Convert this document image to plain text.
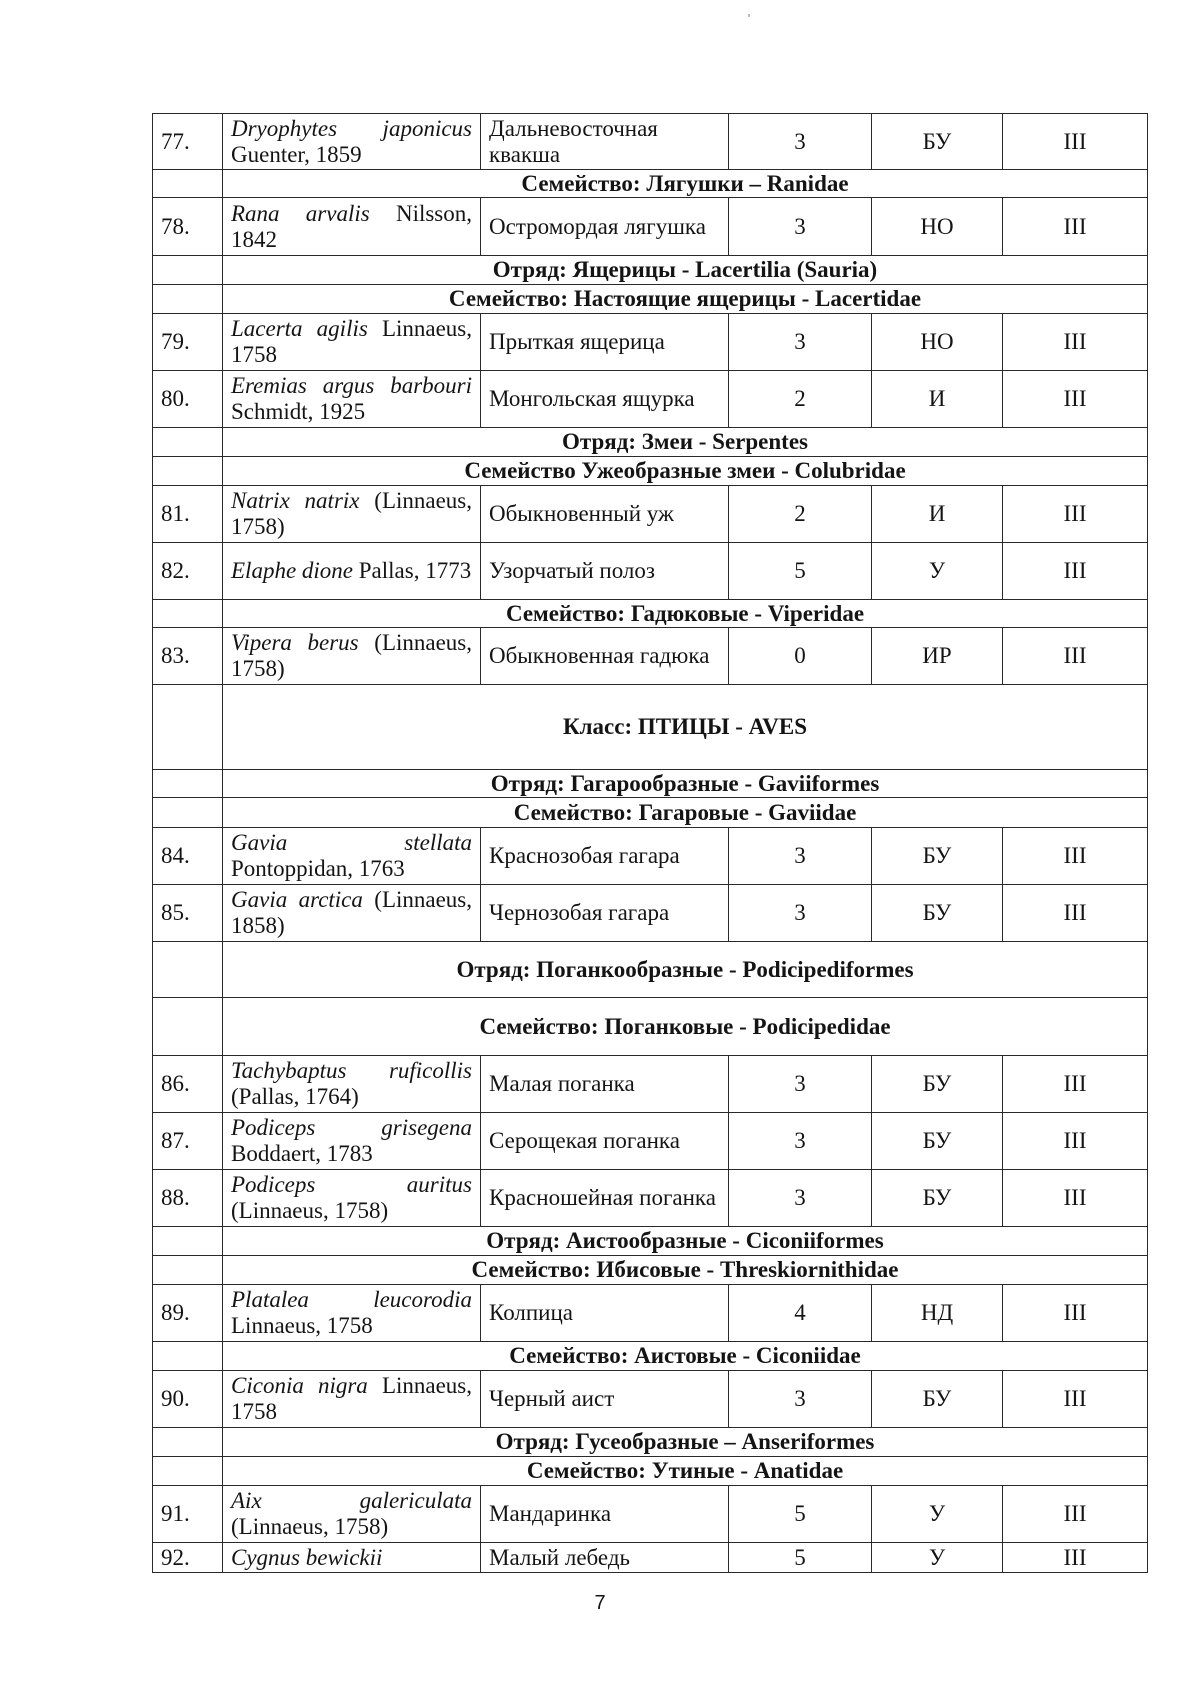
77.	Dryophytes japonicus Guenter, 1859	Дальневосточная квакша	3	БУ	III
	Семейство: Лягушки – Ranidae				
78.	Rana arvalis Nilsson, 1842	Остромордая лягушка	3	НО	III
	Отряд: Ящерицы - Lacertilia (Sauria)				
	Семейство: Настоящие ящерицы - Lacertidae				
79.	Lacerta agilis Linnaeus, 1758	Прыткая ящерица	3	НО	III
80.	Eremias argus barbouri Schmidt, 1925	Монгольская ящурка	2	И	III
	Отряд: Змеи - Serpentes				
	Семейство Ужеобразные змеи - Colubridae				
81.	Natrix natrix (Linnaeus, 1758)	Обыкновенный уж	2	И	III
82.	Elaphe dione Pallas, 1773	Узорчатый полоз	5	У	III
	Семейство: Гадюковые - Viperidae				
83.	Vipera berus (Linnaeus, 1758)	Обыкновенная гадюка	0	ИР	III
	Класс: ПТИЦЫ - AVES				
	Отряд: Гагарообразные - Gaviiformes				
	Семейство: Гагаровые - Gaviidae				
84.	Gavia stellata Pontoppidan, 1763	Краснозобая гагара	3	БУ	III
85.	Gavia arctica (Linnaeus, 1858)	Чернозобая гагара	3	БУ	III
	Отряд: Поганкообразные - Podicipediformes				
	Семейство: Поганковые - Podicipedidae				
86.	Tachybaptus ruficollis (Pallas, 1764)	Малая поганка	3	БУ	III
87.	Podiceps grisegena Boddaert, 1783	Серощекая поганка	3	БУ	III
88.	Podiceps auritus (Linnaeus, 1758)	Красношейная поганка	3	БУ	III
	Отряд: Аистообразные - Ciconiiformes				
	Семейство: Ибисовые - Threskiornithidae				
89.	Platalea leucorodia Linnaeus, 1758	Колпица	4	НД	III
	Семейство: Аистовые - Ciconiidae				
90.	Ciconia nigra Linnaeus, 1758	Черный аист	3	БУ	III
	Отряд: Гусеобразные – Anseriformes				
	Семейство: Утиные - Anatidae				
91.	Aix galericulata (Linnaeus, 1758)	Мандаринка	5	У	III
92.	Cygnus bewickii	Малый лебедь	5	У	III
7
